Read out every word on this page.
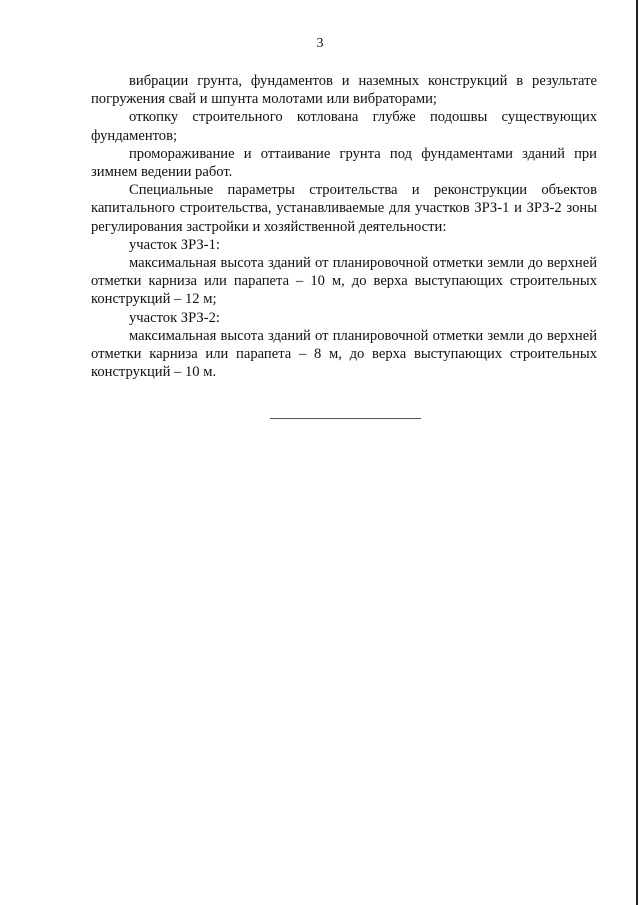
3

вибрации грунта, фундаментов и наземных конструкций в результате погружения свай и шпунта молотами или вибраторами;

откопку строительного котлована глубже подошвы существующих фундаментов;

промораживание и оттаивание грунта под фундаментами зданий при зимнем ведении работ.

Специальные параметры строительства и реконструкции объектов капитального строительства, устанавливаемые для участков ЗРЗ-1 и ЗРЗ-2 зоны регулирования застройки и хозяйственной деятельности:

участок ЗРЗ-1:

максимальная высота зданий от планировочной отметки земли до верхней отметки карниза или парапета – 10 м, до верха выступающих строительных конструкций – 12 м;

участок ЗРЗ-2:

максимальная высота зданий от планировочной отметки земли до верхней отметки карниза или парапета – 8 м, до верха выступающих строительных конструкций – 10 м.
